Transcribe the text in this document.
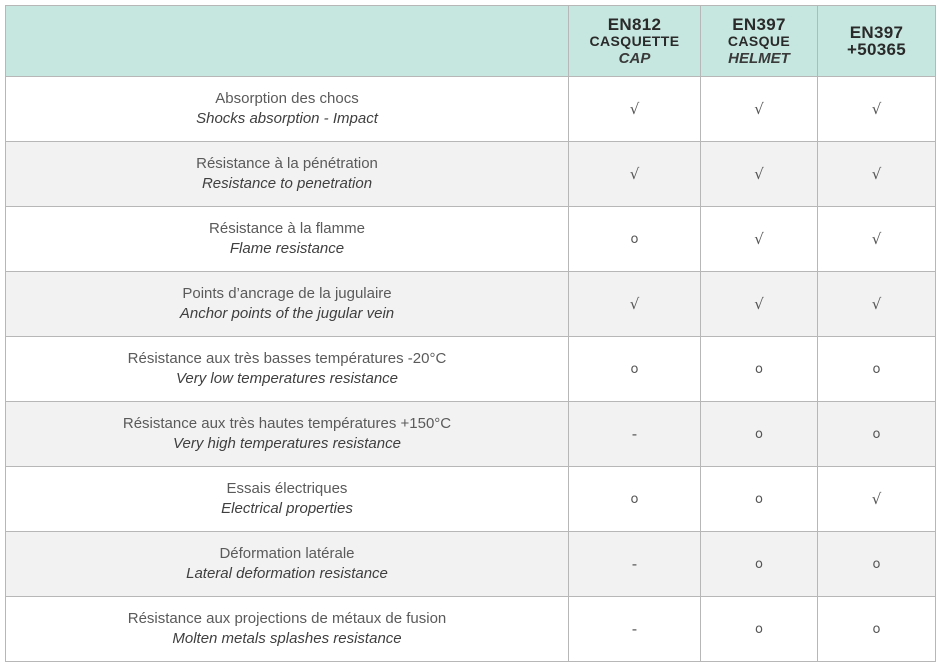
	EN812
CASQUETTE
CAP	EN397
CASQUE
HELMET	EN397
+50365

Absorption des chocs
Shocks absorption - Impact	√	√	√

Résistance à la pénétration
Resistance to penetration	√	√	√

Résistance à la flamme
Flame resistance	o	√	√

Points d’ancrage de la jugulaire
Anchor points of the jugular vein	√	√	√

Résistance aux très basses températures -20°C
Very low temperatures resistance	o	o	o

Résistance aux très hautes températures +150°C
Very high temperatures resistance	-	o	o

Essais électriques
Electrical properties	o	o	√

Déformation latérale
Lateral deformation resistance	-	o	o

Résistance aux projections de métaux de fusion
Molten metals splashes resistance	-	o	o
